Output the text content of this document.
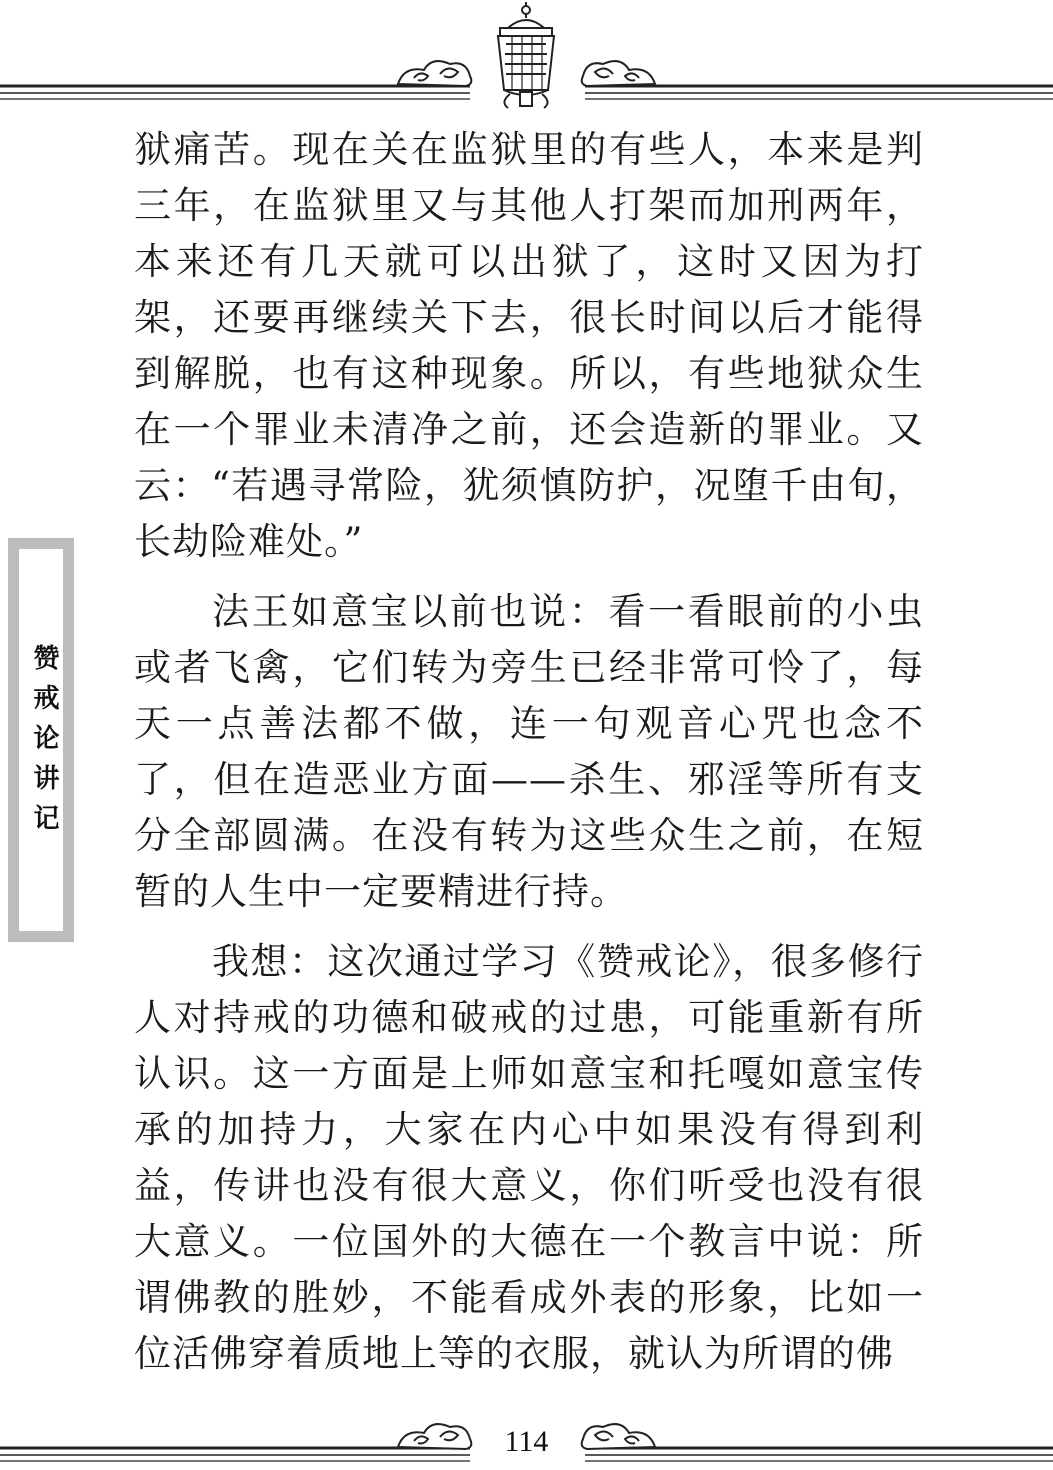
赞戒论讲记

狱痛苦。现在关在监狱里的有些人，本来是判三年，在监狱里又与其他人打架而加刑两年，本来还有几天就可以出狱了，这时又因为打架，还要再继续关下去，很长时间以后才能得到解脱，也有这种现象。所以，有些地狱众生在一个罪业未清净之前，还会造新的罪业。又云：“若遇寻常险，犹须慎防护，况堕千由旬，长劫险难处。”

法王如意宝以前也说：看一看眼前的小虫或者飞禽，它们转为旁生已经非常可怜了，每天一点善法都不做，连一句观音心咒也念不了，但在造恶业方面——杀生、邪淫等所有支分全部圆满。在没有转为这些众生之前，在短暂的人生中一定要精进行持。

我想：这次通过学习《赞戒论》，很多修行人对持戒的功德和破戒的过患，可能重新有所认识。这一方面是上师如意宝和托嘎如意宝传承的加持力，大家在内心中如果没有得到利益，传讲也没有很大意义，你们听受也没有很大意义。一位国外的大德在一个教言中说：所谓佛教的胜妙，不能看成外表的形象，比如一位活佛穿着质地上等的衣服，就认为所谓的佛

114
